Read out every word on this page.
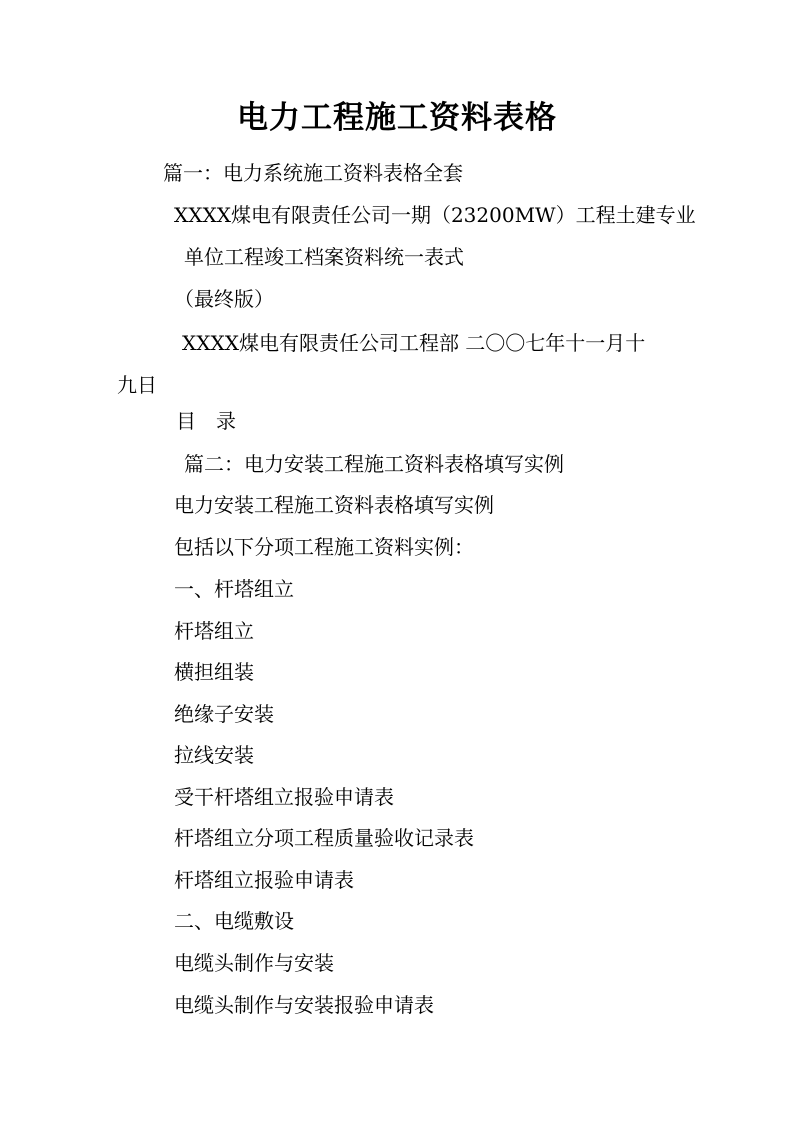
电力工程施工资料表格
篇一：电力系统施工资料表格全套
XXXX煤电有限责任公司一期（23200MW）工程土建专业
单位工程竣工档案资料统一表式
（最终版）
XXXX煤电有限责任公司工程部 二〇〇七年十一月十
九日
目　录
篇二：电力安装工程施工资料表格填写实例
电力安装工程施工资料表格填写实例
包括以下分项工程施工资料实例：
一、杆塔组立
杆塔组立
横担组装
绝缘子安装
拉线安装
受干杆塔组立报验申请表
杆塔组立分项工程质量验收记录表
杆塔组立报验申请表
二、电缆敷设
电缆头制作与安装
电缆头制作与安装报验申请表
